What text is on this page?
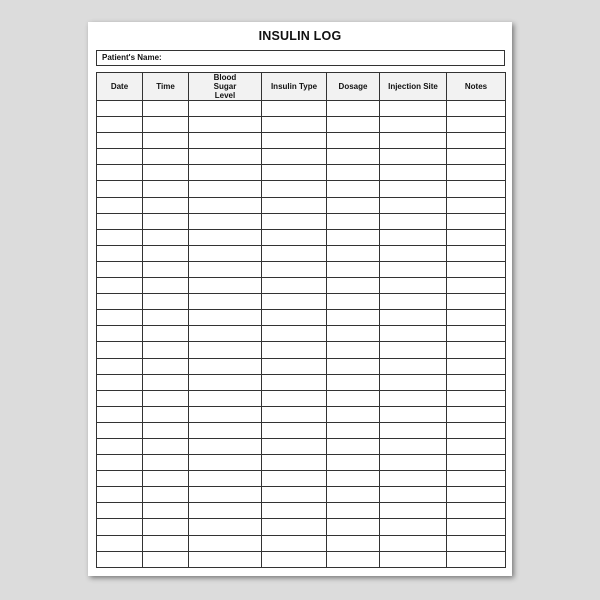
INSULIN LOG
Patient's Name:
Date	Time	Blood Sugar Level	Insulin Type	Dosage	Injection Site	Notes
